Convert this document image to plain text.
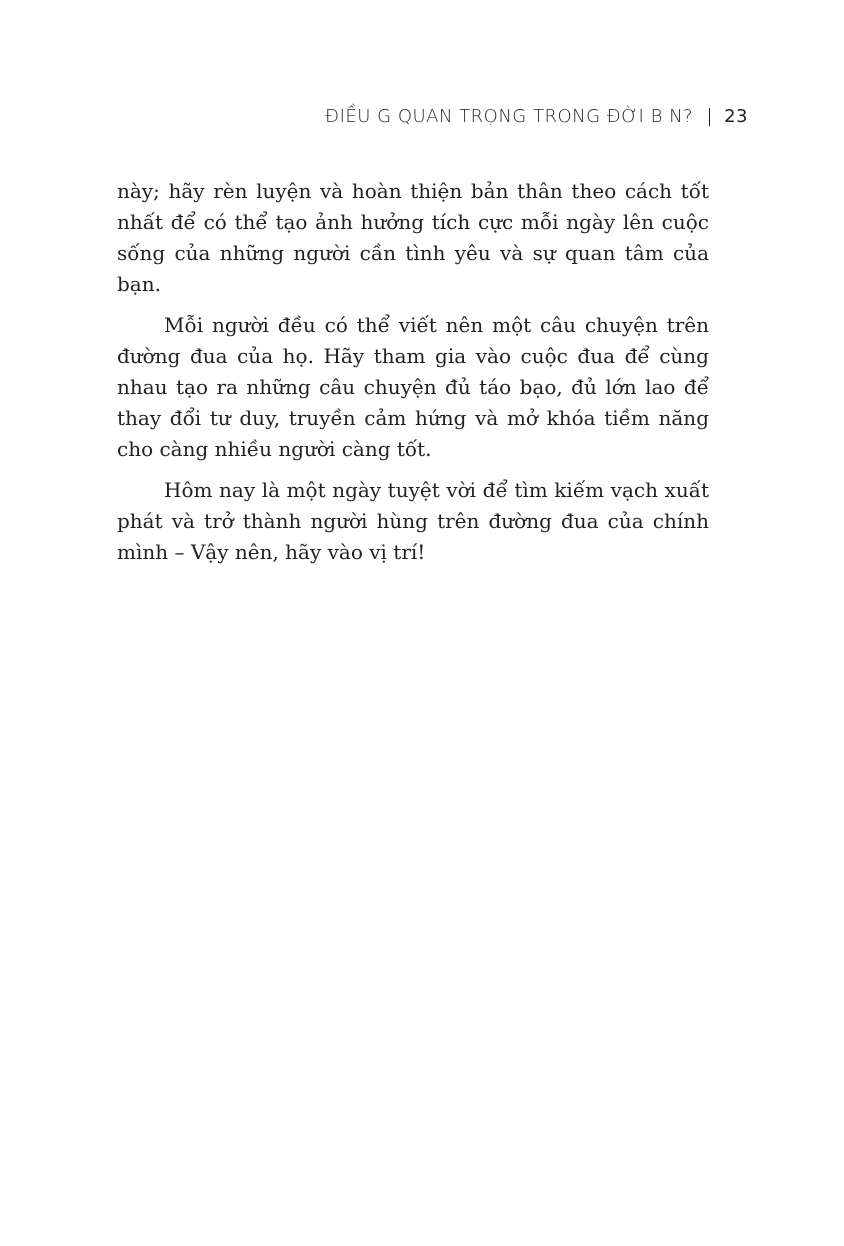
ĐIỀU G QUAN TRỌNG TRONG ĐỜI B N? 23

này; hãy rèn luyện và hoàn thiện bản thân theo cách tốt nhất để có thể tạo ảnh hưởng tích cực mỗi ngày lên cuộc sống của những người cần tình yêu và sự quan tâm của bạn.

Mỗi người đều có thể viết nên một câu chuyện trên đường đua của họ. Hãy tham gia vào cuộc đua để cùng nhau tạo ra những câu chuyện đủ táo bạo, đủ lớn lao để thay đổi tư duy, truyền cảm hứng và mở khóa tiềm năng cho càng nhiều người càng tốt.

Hôm nay là một ngày tuyệt vời để tìm kiếm vạch xuất phát và trở thành người hùng trên đường đua của chính mình – Vậy nên, hãy vào vị trí!
